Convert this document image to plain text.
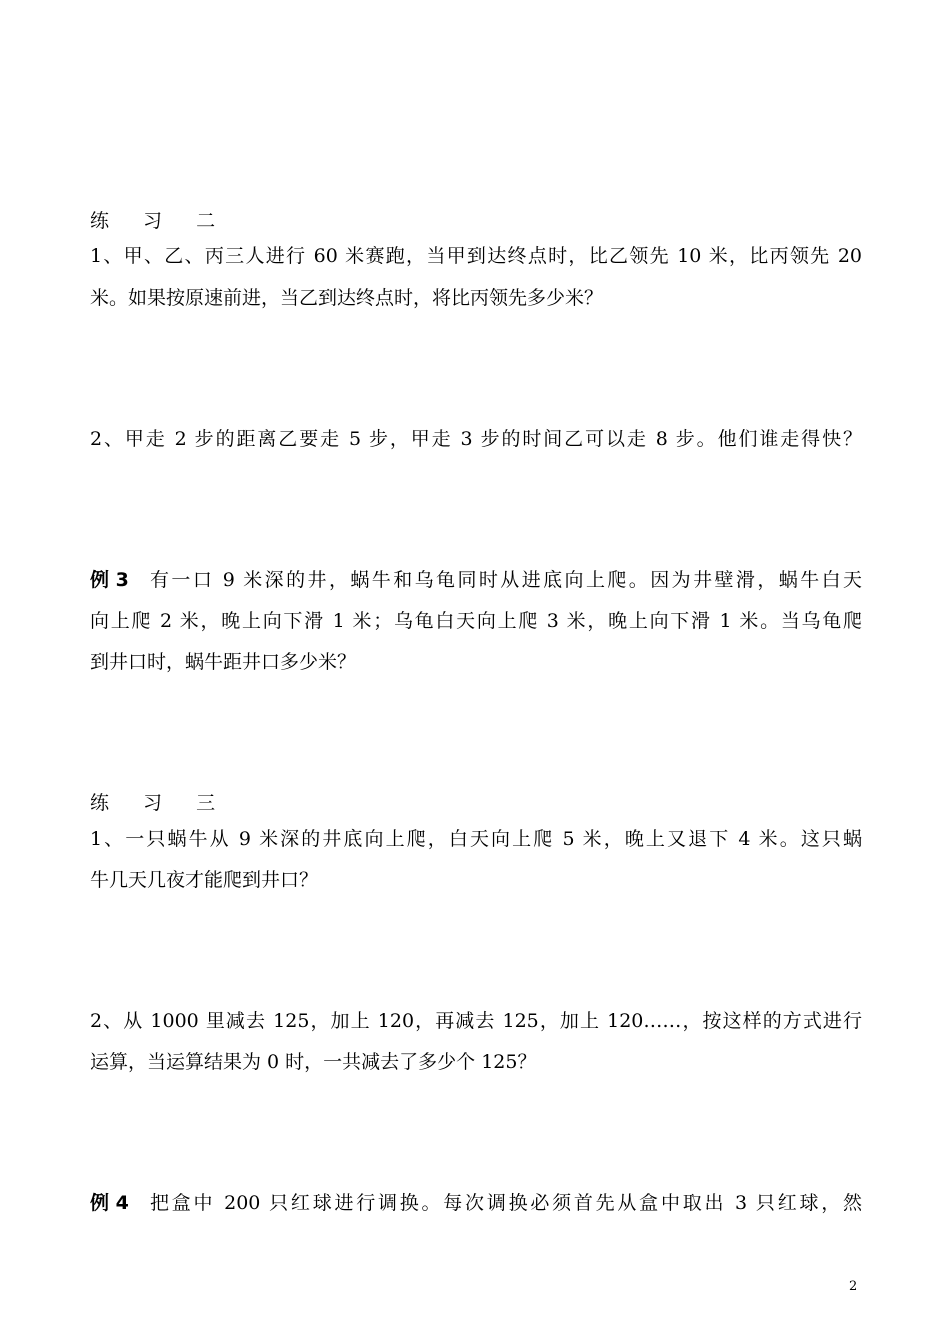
练 习 二
1、甲、乙、丙三人进行 60 米赛跑，当甲到达终点时，比乙领先 10 米，比丙领先 20
米。如果按原速前进，当乙到达终点时，将比丙领先多少米？
2、甲走 2 步的距离乙要走 5 步，甲走 3 步的时间乙可以走 8 步。他们谁走得快？
例 3	有一口 9 米深的井，蜗牛和乌龟同时从进底向上爬。因为井壁滑，蜗牛白天
向上爬 2 米，晚上向下滑 1 米；乌龟白天向上爬 3 米，晚上向下滑 1 米。当乌龟爬
到井口时，蜗牛距井口多少米？
练 习 三
1、一只蜗牛从 9 米深的井底向上爬，白天向上爬 5 米，晚上又退下 4 米。这只蜗
牛几天几夜才能爬到井口？
2、从 1000 里减去 125，加上 120，再减去 125，加上 120……，按这样的方式进行
运算，当运算结果为 0 时，一共减去了多少个 125？
例 4	把盒中 200 只红球进行调换。每次调换必须首先从盒中取出 3 只红球，然
2
